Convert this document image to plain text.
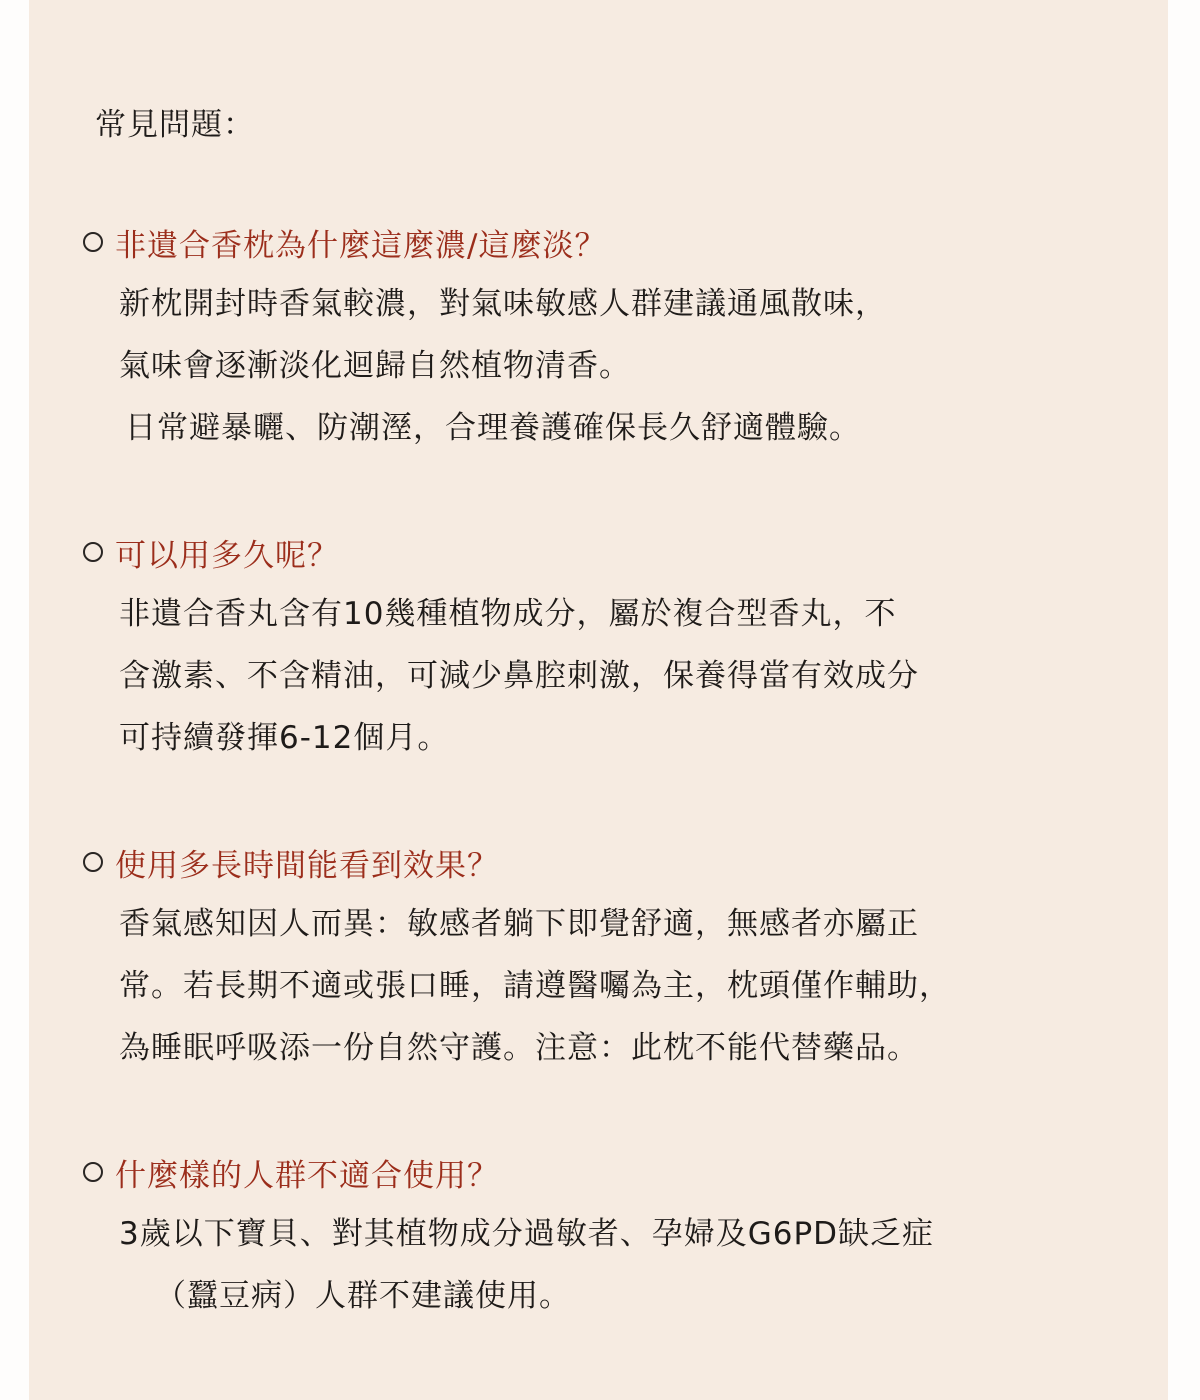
常見問題：
非遺合香枕為什麼這麼濃/這麼淡？
新枕開封時香氣較濃，對氣味敏感人群建議通風散味，
氣味會逐漸淡化迴歸自然植物清香。
日常避暴曬、防潮溼，合理養護確保長久舒適體驗。
可以用多久呢？
非遺合香丸含有10幾種植物成分，屬於複合型香丸，不
含激素、不含精油，可減少鼻腔刺激，保養得當有效成分
可持續發揮6-12個月。
使用多長時間能看到效果？
香氣感知因人而異：敏感者躺下即覺舒適，無感者亦屬正
常。若長期不適或張口睡，請遵醫囑為主，枕頭僅作輔助，
為睡眠呼吸添一份自然守護。注意：此枕不能代替藥品。
什麼樣的人群不適合使用？
3歲以下寶貝、對其植物成分過敏者、孕婦及G6PD缺乏症
（蠶豆病）人群不建議使用。
